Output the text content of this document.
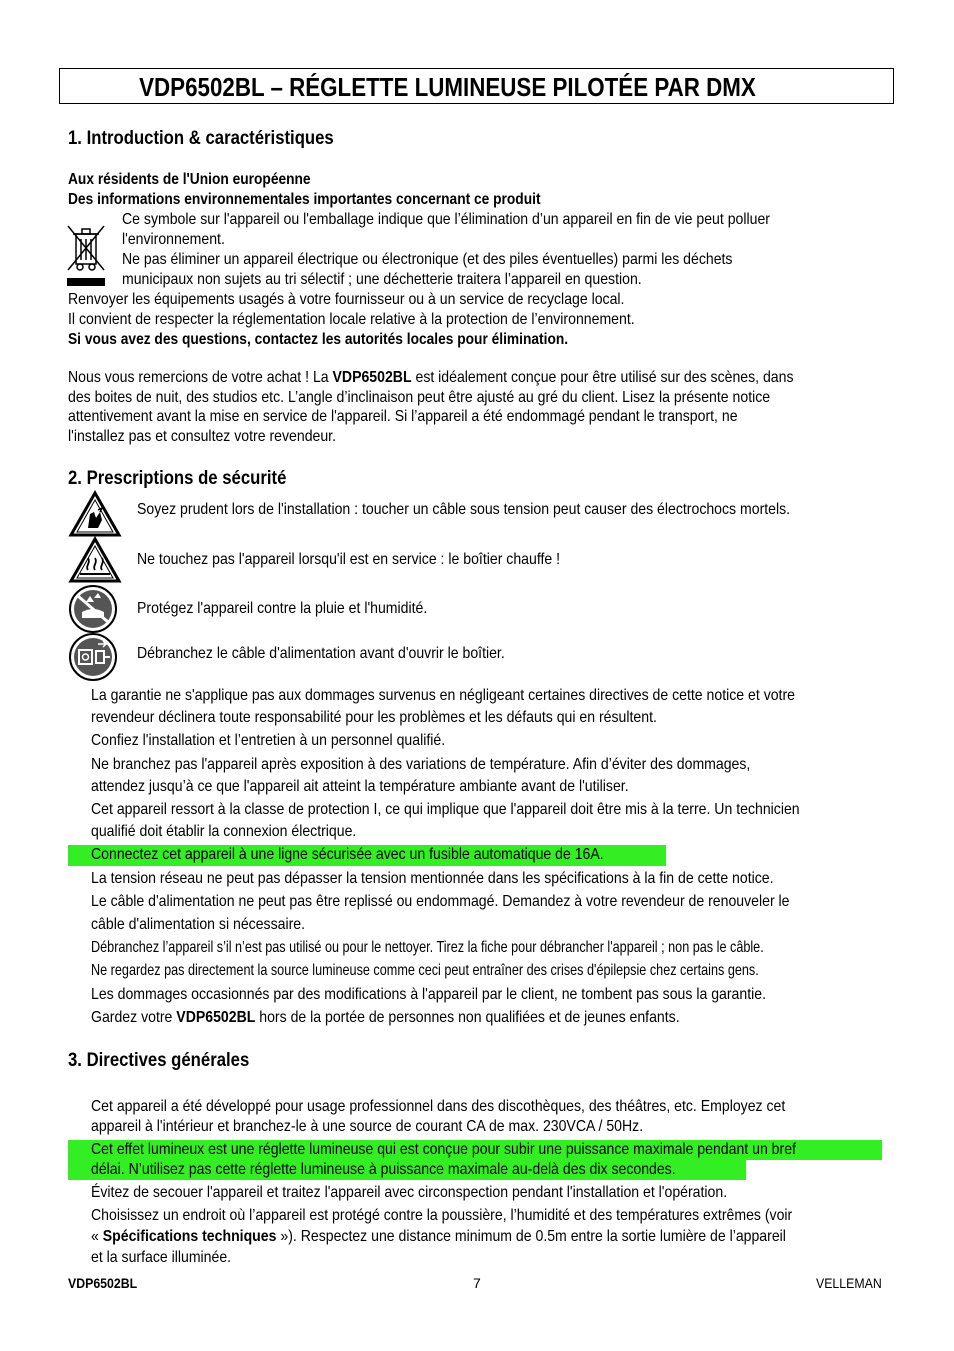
VDP6502BL – RÉGLETTE LUMINEUSE PILOTÉE PAR DMX
1. Introduction & caractéristiques
Aux résidents de l'Union européenne
Des informations environnementales importantes concernant ce produit
Ce symbole sur l'appareil ou l'emballage indique que l’élimination d’un appareil en fin de vie peut polluer
l'environnement.
Ne pas éliminer un appareil électrique ou électronique (et des piles éventuelles) parmi les déchets
municipaux non sujets au tri sélectif ; une déchetterie traitera l’appareil en question.
Renvoyer les équipements usagés à votre fournisseur ou à un service de recyclage local.
Il convient de respecter la réglementation locale relative à la protection de l’environnement.
Si vous avez des questions, contactez les autorités locales pour élimination.
Nous vous remercions de votre achat ! La VDP6502BL est idéalement conçue pour être utilisé sur des scènes, dans
des boites de nuit, des studios etc. L’angle d’inclinaison peut être ajusté au gré du client. Lisez la présente notice
attentivement avant la mise en service de l'appareil. Si l’appareil a été endommagé pendant le transport, ne
l'installez pas et consultez votre revendeur.
2. Prescriptions de sécurité
Soyez prudent lors de l'installation : toucher un câble sous tension peut causer des électrochocs mortels.
Ne touchez pas l'appareil lorsqu'il est en service : le boîtier chauffe !
Protégez l'appareil contre la pluie et l'humidité.
Débranchez le câble d'alimentation avant d'ouvrir le boîtier.
La garantie ne s'applique pas aux dommages survenus en négligeant certaines directives de cette notice et votre
revendeur déclinera toute responsabilité pour les problèmes et les défauts qui en résultent.
Confiez l'installation et l’entretien à un personnel qualifié.
Ne branchez pas l'appareil après exposition à des variations de température. Afin d’éviter des dommages,
attendez jusqu’à ce que l'appareil ait atteint la température ambiante avant de l'utiliser.
Cet appareil ressort à la classe de protection I, ce qui implique que l'appareil doit être mis à la terre. Un technicien
qualifié doit établir la connexion électrique.
Connectez cet appareil à une ligne sécurisée avec un fusible automatique de 16A.
La tension réseau ne peut pas dépasser la tension mentionnée dans les spécifications à la fin de cette notice.
Le câble d'alimentation ne peut pas être replissé ou endommagé. Demandez à votre revendeur de renouveler le
câble d'alimentation si nécessaire.
Débranchez l’appareil s’il n’est pas utilisé ou pour le nettoyer. Tirez la fiche pour débrancher l'appareil ; non pas le câble.
Ne regardez pas directement la source lumineuse comme ceci peut entraîner des crises d'épilepsie chez certains gens.
Les dommages occasionnés par des modifications à l'appareil par le client, ne tombent pas sous la garantie.
Gardez votre VDP6502BL hors de la portée de personnes non qualifiées et de jeunes enfants.
3. Directives générales
Cet appareil a été développé pour usage professionnel dans des discothèques, des théâtres, etc. Employez cet
appareil à l'intérieur et branchez-le à une source de courant CA de max. 230VCA / 50Hz.
Cet effet lumineux est une réglette lumineuse qui est conçue pour subir une puissance maximale pendant un bref
délai. N’utilisez pas cette réglette lumineuse à puissance maximale au-delà des dix secondes.
Évitez de secouer l'appareil et traitez l'appareil avec circonspection pendant l'installation et l'opération.
Choisissez un endroit où l’appareil est protégé contre la poussière, l’humidité et des températures extrêmes (voir
« Spécifications techniques »). Respectez une distance minimum de 0.5m entre la sortie lumière de l’appareil
et la surface illuminée.
VDP6502BL	7	VELLEMAN
